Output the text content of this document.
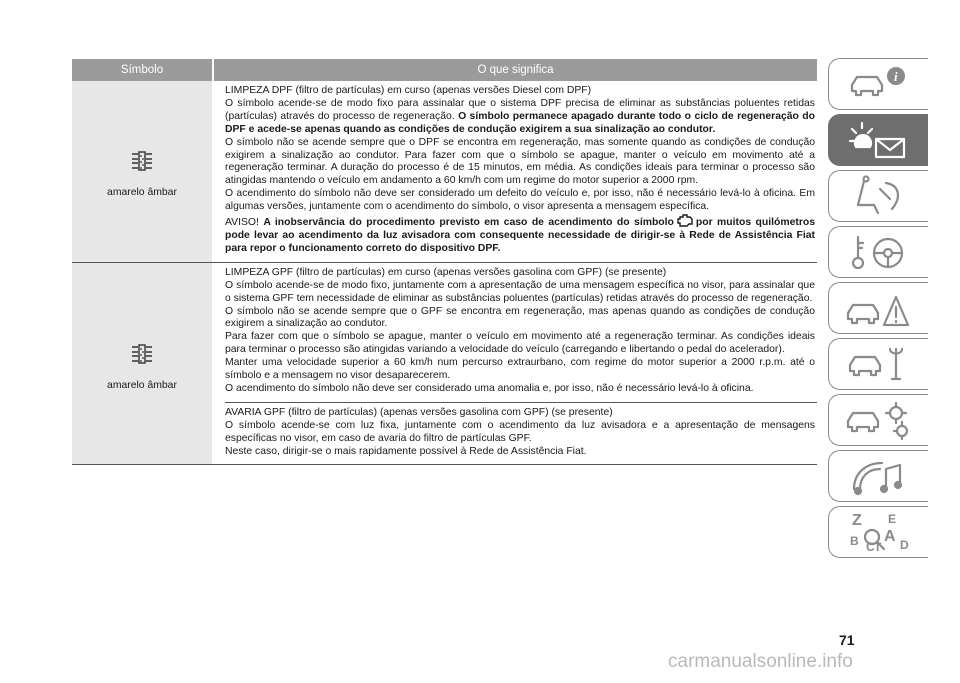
Símbolo	O que significa
amarelo âmbar

LIMPEZA DPF (filtro de partículas) em curso (apenas versões Diesel com DPF)

O símbolo acende-se de modo fixo para assinalar que o sistema DPF precisa de eliminar as substâncias poluentes retidas (partículas) através do processo de regeneração. O símbolo permanece apagado durante todo o ciclo de regeneração do DPF e acede-se apenas quando as condições de condução exigirem a sua sinalização ao condutor.

O símbolo não se acende sempre que o DPF se encontra em regeneração, mas somente quando as condições de condução exigirem a sinalização ao condutor. Para fazer com que o símbolo se apague, manter o veículo em movimento até a regeneração terminar. A duração do processo é de 15 minutos, em média. As condições ideais para terminar o processo são atingidas mantendo o veículo em andamento a 60 km/h com um regime do motor superior a 2000 rpm.

O acendimento do símbolo não deve ser considerado um defeito do veículo e, por isso, não é necessário levá-lo à oficina. Em algumas versões, juntamente com o acendimento do símbolo, o visor apresenta a mensagem específica.

AVISO! A inobservância do procedimento previsto em caso de acendimento do símbolo por muitos quilómetros pode levar ao acendimento da luz avisadora com consequente necessidade de dirigir-se à Rede de Assistência Fiat para repor o funcionamento correto do dispositivo DPF.

amarelo âmbar

LIMPEZA GPF (filtro de partículas) em curso (apenas versões gasolina com GPF) (se presente)

O símbolo acende-se de modo fixo, juntamente com a apresentação de uma mensagem específica no visor, para assinalar que o sistema GPF tem necessidade de eliminar as substâncias poluentes (partículas) retidas através do processo de regeneração.

O símbolo não se acende sempre que o GPF se encontra em regeneração, mas apenas quando as condições de condução exigirem a sinalização ao condutor.

Para fazer com que o símbolo se apague, manter o veículo em movimento até a regeneração terminar. As condições ideais para terminar o processo são atingidas variando a velocidade do veículo (carregando e libertando o pedal do acelerador).

Manter uma velocidade superior a 60 km/h num percurso extraurbano, com regime do motor superior a 2000 r.p.m. até o símbolo e a mensagem no visor desaparecerem.

O acendimento do símbolo não deve ser considerado uma anomalia e, por isso, não é necessário levá-lo à oficina.

AVARIA GPF (filtro de partículas) (apenas versões gasolina com GPF) (se presente)

O símbolo acende-se com luz fixa, juntamente com o acendimento da luz avisadora e a apresentação de mensagens específicas no visor, em caso de avaria do filtro de partículas GPF.

Neste caso, dirigir-se o mais rapidamente possível à Rede de Assistência Fiat.

i
Z E
A
B C T D
71
carmanualsonline.info
